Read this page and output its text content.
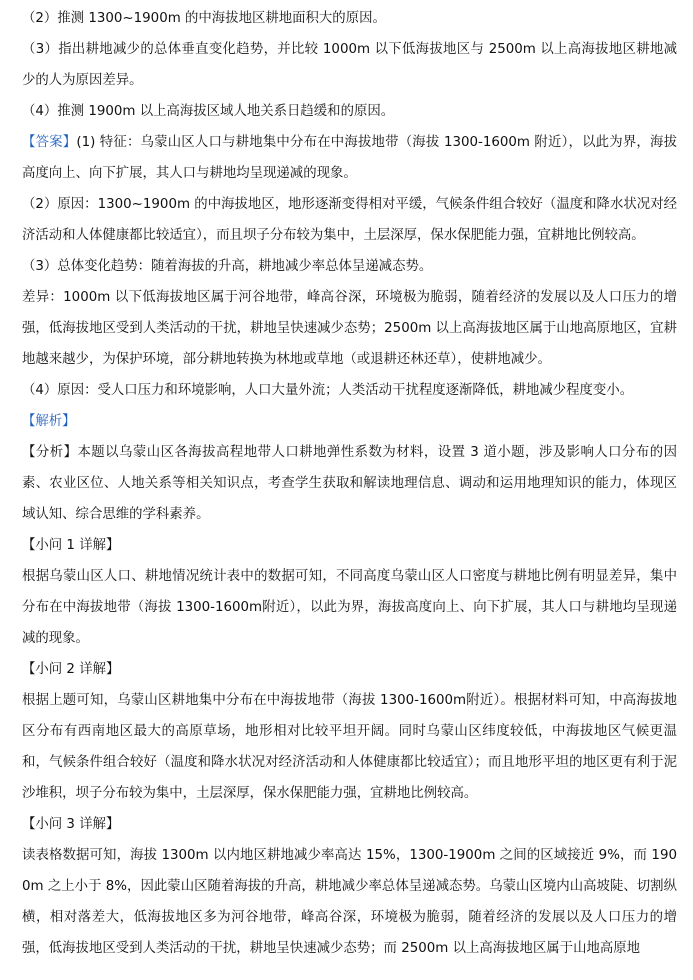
（2）推测 1300~1900m 的中海拔地区耕地面积大的原因。

（3）指出耕地减少的总体垂直变化趋势，并比较 1000m 以下低海拔地区与 2500m 以上高海拔地区耕地减少的人为原因差异。

（4）推测 1900m 以上高海拔区域人地关系日趋缓和的原因。

【答案】(1) 特征：乌蒙山区人口与耕地集中分布在中海拔地带（海拔 1300-1600m 附近），以此为界，海拔高度向上、向下扩展，其人口与耕地均呈现递减的现象。

（2）原因：1300~1900m 的中海拔地区，地形逐渐变得相对平缓，气候条件组合较好（温度和降水状况对经济活动和人体健康都比较适宜），而且坝子分布较为集中，土层深厚，保水保肥能力强，宜耕地比例较高。

（3）总体变化趋势：随着海拔的升高，耕地减少率总体呈递减态势。

差异：1000m 以下低海拔地区属于河谷地带，峰高谷深，环境极为脆弱，随着经济的发展以及人口压力的增强，低海拔地区受到人类活动的干扰，耕地呈快速减少态势；2500m 以上高海拔地区属于山地高原地区，宜耕地越来越少，为保护环境，部分耕地转换为林地或草地（或退耕还林还草），使耕地减少。

（4）原因：受人口压力和环境影响，人口大量外流；人类活动干扰程度逐渐降低，耕地减少程度变小。

【解析】

【分析】本题以乌蒙山区各海拔高程地带人口耕地弹性系数为材料，设置 3 道小题，涉及影响人口分布的因素、农业区位、人地关系等相关知识点，考查学生获取和解读地理信息、调动和运用地理知识的能力，体现区域认知、综合思维的学科素养。

【小问 1 详解】

根据乌蒙山区人口、耕地情况统计表中的数据可知，不同高度乌蒙山区人口密度与耕地比例有明显差异，集中分布在中海拔地带（海拔 1300-1600m附近），以此为界，海拔高度向上、向下扩展，其人口与耕地均呈现递减的现象。

【小问 2 详解】

根据上题可知，乌蒙山区耕地集中分布在中海拔地带（海拔 1300-1600m附近）。根据材料可知，中高海拔地区分布有西南地区最大的高原草场，地形相对比较平坦开阔。同时乌蒙山区纬度较低，中海拔地区气候更温和，气候条件组合较好（温度和降水状况对经济活动和人体健康都比较适宜）；而且地形平坦的地区更有利于泥沙堆积，坝子分布较为集中，土层深厚，保水保肥能力强，宜耕地比例较高。

【小问 3 详解】

读表格数据可知，海拔 1300m 以内地区耕地减少率高达 15%，1300-1900m 之间的区域接近 9%，而 1900m 之上小于 8%，因此蒙山区随着海拔的升高，耕地减少率总体呈递减态势。乌蒙山区境内山高坡陡、切割纵横，相对落差大，低海拔地区多为河谷地带，峰高谷深，环境极为脆弱，随着经济的发展以及人口压力的增强，低海拔地区受到人类活动的干扰，耕地呈快速减少态势；而 2500m 以上高海拔地区属于山地高原地
